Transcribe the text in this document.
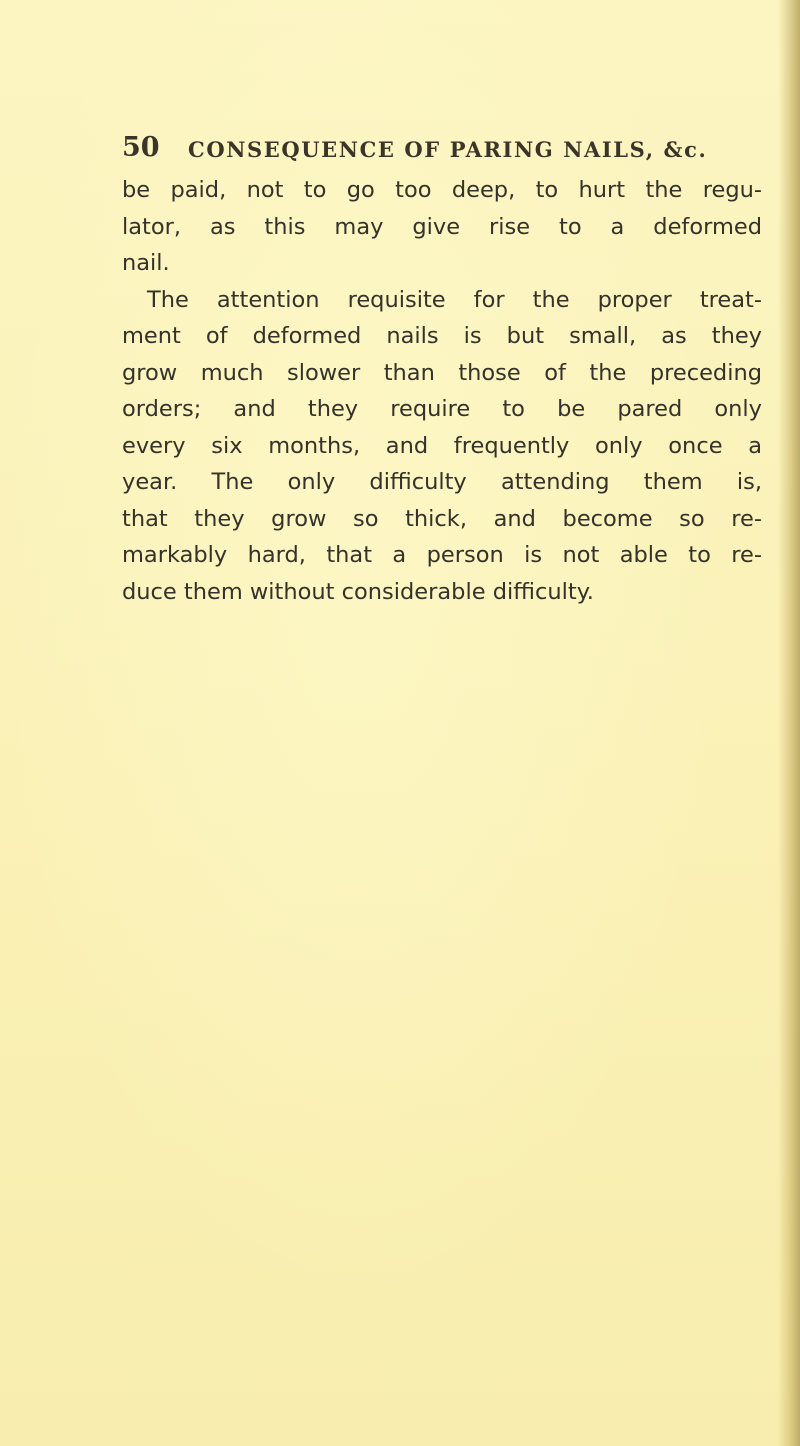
50 CONSEQUENCE OF PARING NAILS, &c.
be paid, not to go too deep, to hurt the regu-
lator, as this may give rise to a deformed
nail.
The attention requisite for the proper treat-
ment of deformed nails is but small, as they
grow much slower than those of the preceding
orders; and they require to be pared only
every six months, and frequently only once a
year. The only difficulty attending them is,
that they grow so thick, and become so re-
markably hard, that a person is not able to re-
duce them without considerable difficulty.
